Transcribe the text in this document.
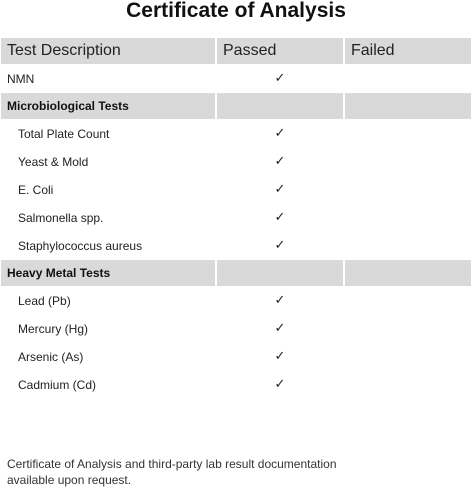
Certificate of Analysis
Test Description	Passed	Failed
NMN	✓
Microbiological Tests
Total Plate Count	✓
Yeast & Mold	✓
E. Coli	✓
Salmonella spp.	✓
Staphylococcus aureus	✓
Heavy Metal Tests
Lead (Pb)	✓
Mercury (Hg)	✓
Arsenic (As)	✓
Cadmium (Cd)	✓
Certificate of Analysis and third-party lab result documentation available upon request.
